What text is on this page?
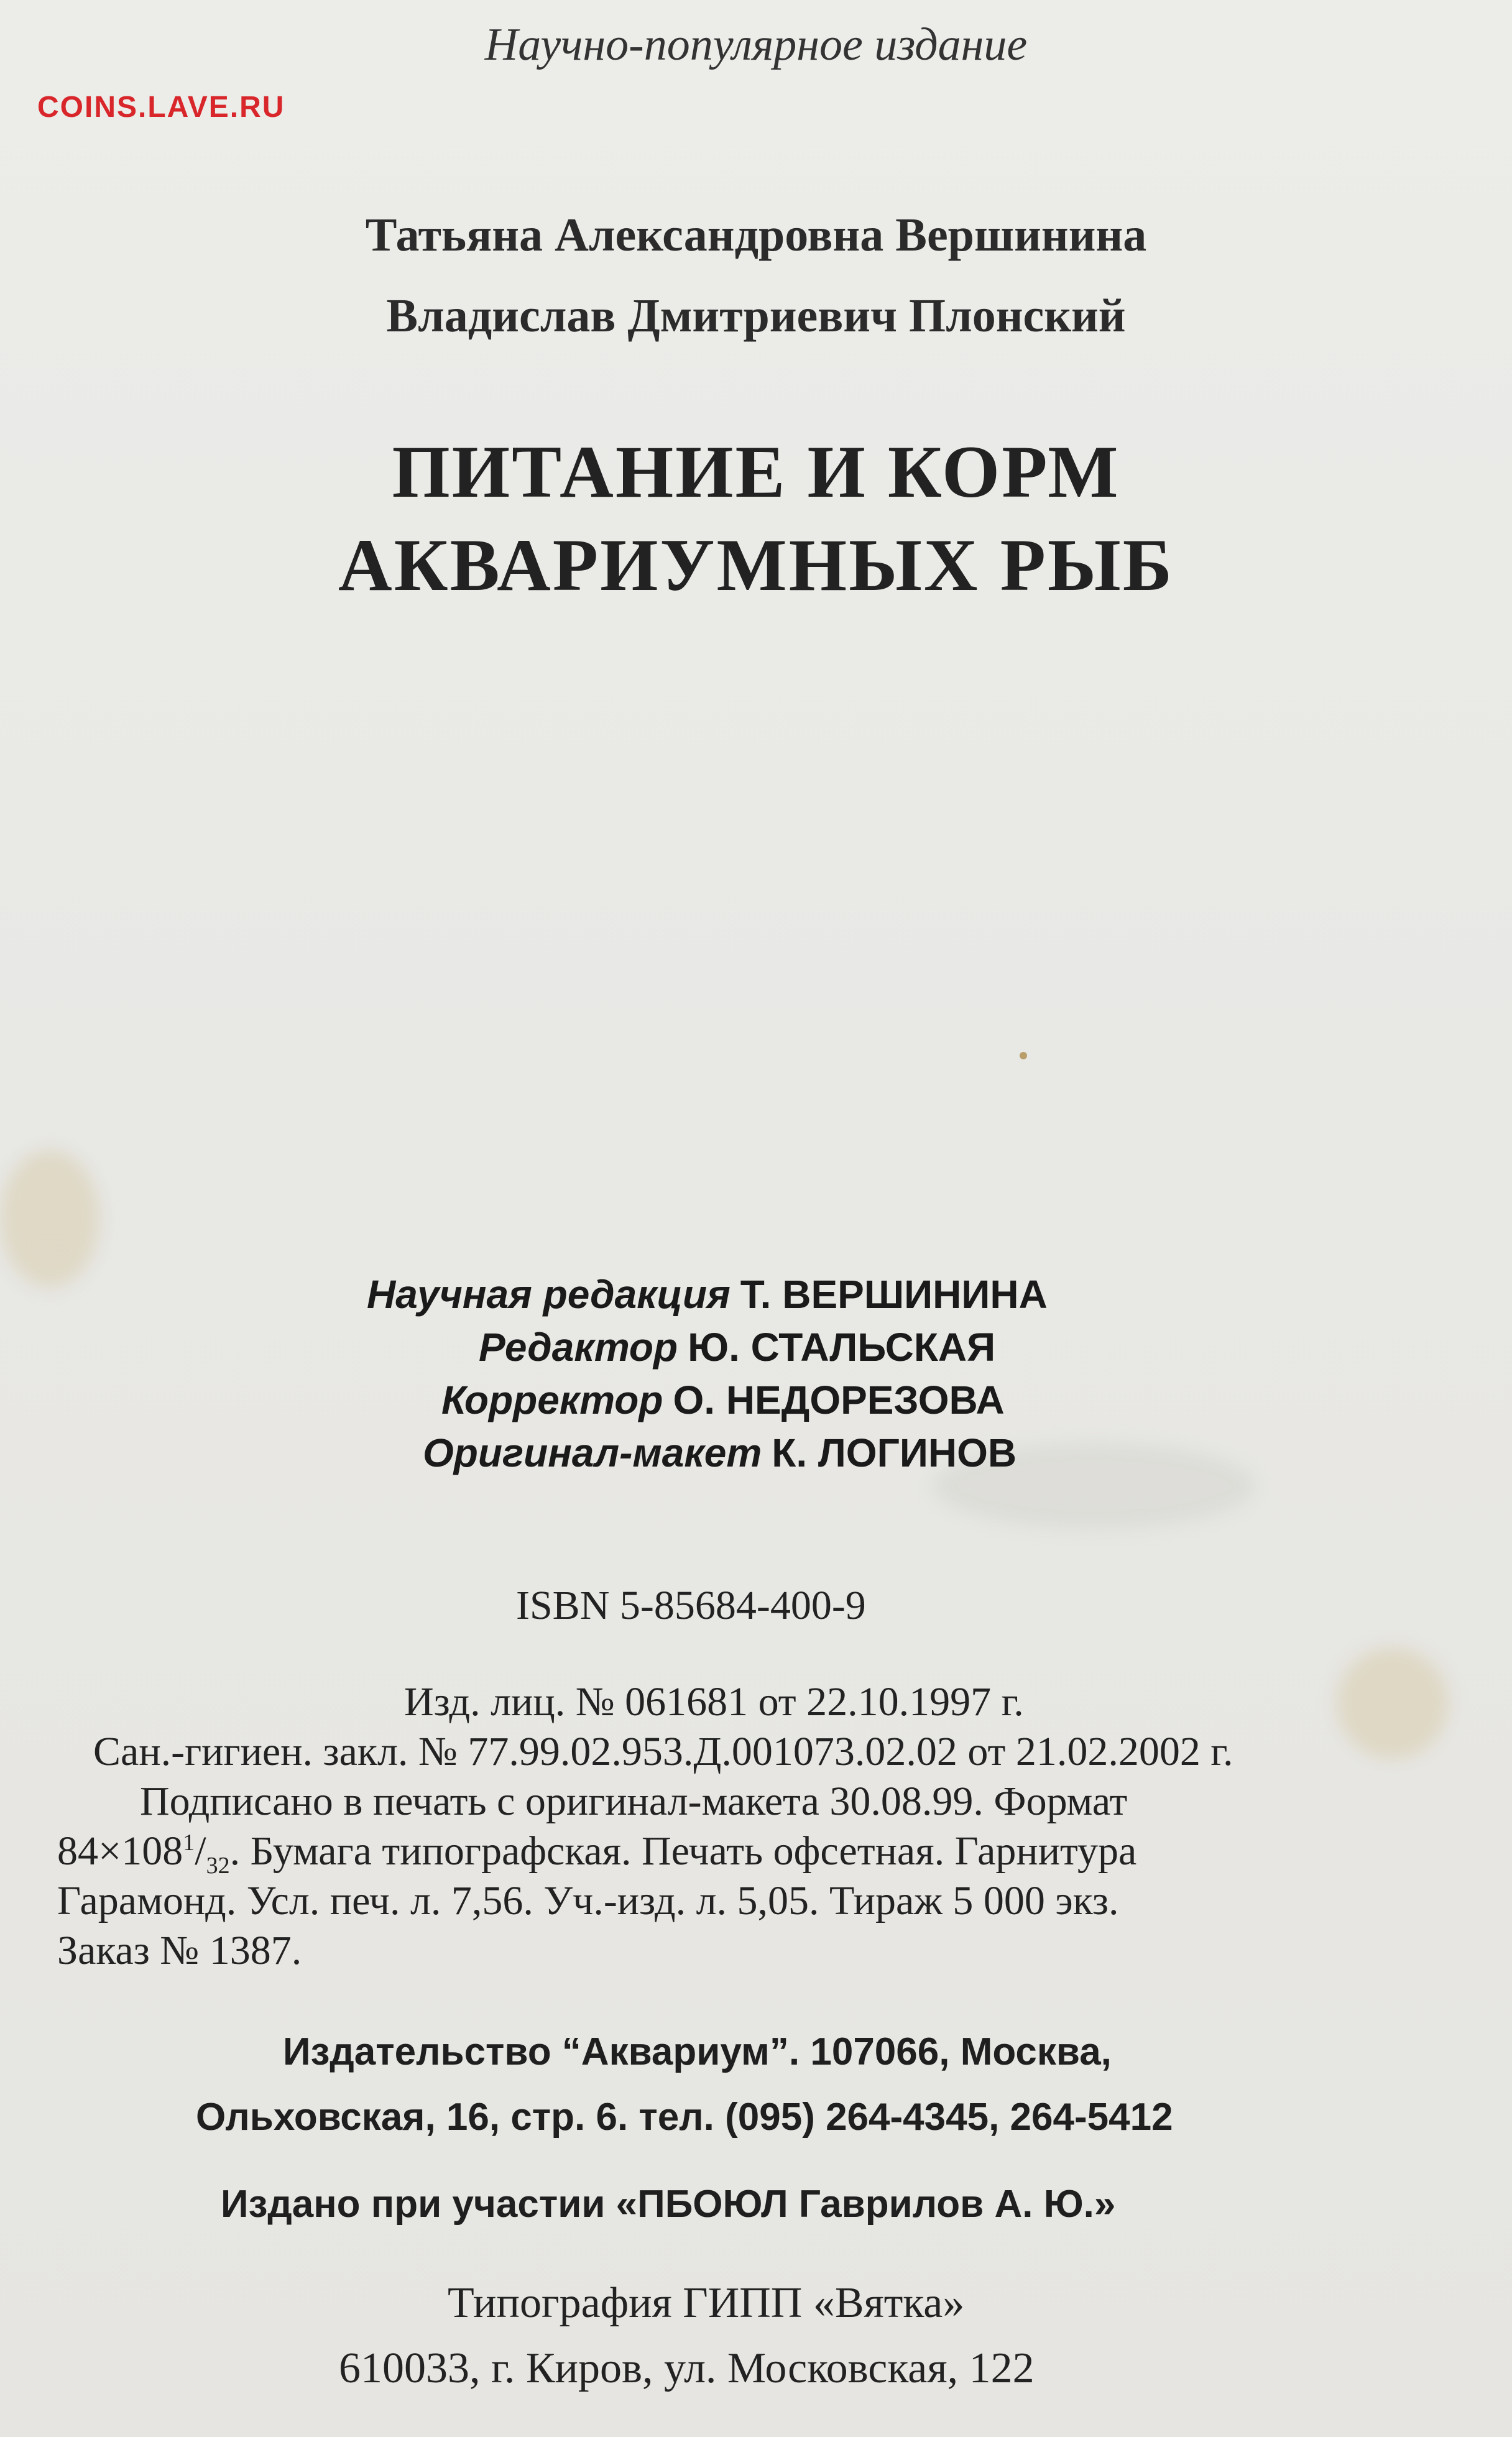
COINS.LAVE.RU
Научно-популярное издание
Татьяна Александровна Вершинина
Владислав Дмитриевич Плонский
ПИТАНИЕ И КОРМ
АКВАРИУМНЫХ РЫБ
Научная редакция Т. ВЕРШИНИНА
Редактор Ю. СТАЛЬСКАЯ
Корректор О. НЕДОРЕЗОВА
Оригинал-макет К. ЛОГИНОВ
ISBN 5-85684-400-9
Изд. лиц. № 061681 от 22.10.1997 г.
Сан.-гигиен. закл. № 77.99.02.953.Д.001073.02.02 от 21.02.2002 г.
Подписано в печать с оригинал-макета 30.08.99. Формат
$84\times 108^1/_{32}$. Бумага типографская. Печать офсетная. Гарнитура
Гарамонд. Усл. печ. л. 7,56. Уч.-изд. л. 5,05. Тираж 5 000 экз.
Заказ № 1387.
Издательство “Аквариум”. 107066, Москва,
Ольховская, 16, стр. 6. тел. (095) 264-4345, 264-5412
Издано при участии «ПБОЮЛ Гаврилов А. Ю.»
Типография ГИПП «Вятка»
610033, г. Киров, ул. Московская, 122
